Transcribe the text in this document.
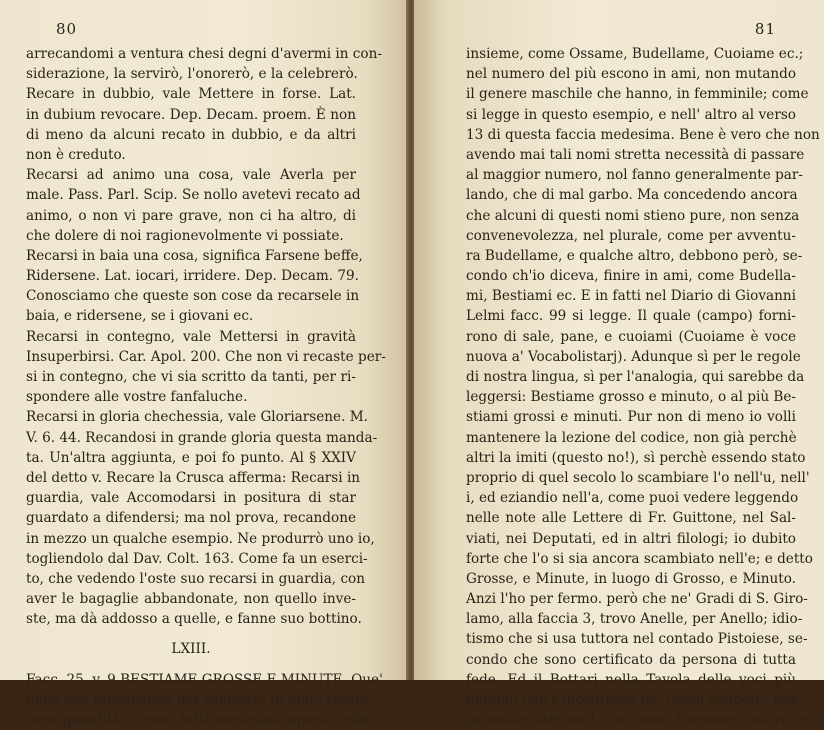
80
arrecandomi a ventura chesi degni d'avermi in con-
siderazione, la servirò, l'onorerò, e la celebrerò.
Recare in dubbio, vale Mettere in forse. Lat.
in dubium revocare. Dep. Decam. proem. È non
di meno da alcuni recato in dubbio, e da altri
non è creduto.
Recarsi ad animo una cosa, vale Averla per
male. Pass. Parl. Scip. Se nollo avetevi recato ad
animo, o non vi pare grave, non ci ha altro, di
che dolere di noi ragionevolmente vi possiate.
Recarsi in baia una cosa, significa Farsene beffe,
Ridersene. Lat. iocari, irridere. Dep. Decam. 79.
Conosciamo che queste son cose da recarsele in
baia, e ridersene, se i giovani ec.
Recarsi in contegno, vale Mettersi in gravità
Insuperbirsi. Car. Apol. 200. Che non vi recaste per-
si in contegno, che vi sia scritto da tanti, per ri-
spondere alle vostre fanfaluche.
Recarsi in gloria chechessia, vale Gloriarsene. M.
V. 6. 44. Recandosi in grande gloria questa manda-
ta. Un'altra aggiunta, e poi fo punto. Al § XXIV
del detto v. Recare la Crusca afferma: Recarsi in
guardia, vale Accomodarsi in positura di star
guardato a difendersi; ma nol prova, recandone
in mezzo un qualche esempio. Ne produrrò uno io,
togliendolo dal Dav. Colt. 163. Come fa un eserci-
to, che vedendo l'oste suo recarsi in guardia, con
aver le bagaglie abbandonate, non quello inve-
ste, ma dà addosso a quelle, e fanne suo bottino.
LXIII.
Facc. 25. v. 9 BESTIAME GROSSE E MINUTE. Que'
nomi che terminando nel singolare in ame, signifi-
cano quantità di cose della medesima specie unite
81
insieme, come Ossame, Budellame, Cuoiame ec.;
nel numero del più escono in ami, non mutando
il genere maschile che hanno, in femminile; come
si legge in questo esempio, e nell' altro al verso
13 di questa faccia medesima. Bene è vero che non
avendo mai tali nomi stretta necessità di passare
al maggior numero, nol fanno generalmente par-
lando, che di mal garbo. Ma concedendo ancora
che alcuni di questi nomi stieno pure, non senza
convenevolezza, nel plurale, come per avventu-
ra Budellame, e qualche altro, debbono però, se-
condo ch'io diceva, finire in ami, come Budella-
mi, Bestiami ec. E in fatti nel Diario di Giovanni
Lelmi facc. 99 si legge. Il quale (campo) forni-
rono di sale, pane, e cuoiami (Cuoiame è voce
nuova a' Vocabolistarj). Adunque sì per le regole
di nostra lingua, sì per l'analogia, qui sarebbe da
leggersi: Bestiame grosso e minuto, o al più Be-
stiami grossi e minuti. Pur non di meno io volli
mantenere la lezione del codice, non già perchè
altri la imiti (questo no!), sì perchè essendo stato
proprio di quel secolo lo scambiare l'o nell'u, nell'
i, ed eziandio nell'a, come puoi vedere leggendo
nelle note alle Lettere di Fr. Guittone, nel Sal-
viati, nei Deputati, ed in altri filologi; io dubito
forte che l'o si sia ancora scambiato nell'e; e detto
Grosse, e Minute, in luogo di Grosso, e Minuto.
Anzi l'ho per fermo. però che ne' Gradi di S. Giro-
lamo, alla faccia 3, trovo Anelle, per Anello; idio-
tismo che si usa tuttora nel contado Pistoiese, se-
condo che sono certificato da persona di tutta
fede. Ed il Bottari nella Tavola delle voci più
notabili che s'incontrano ne' Gradi suddetti, alle-
ga molte altre voci, che come dovessero uscire in o,
